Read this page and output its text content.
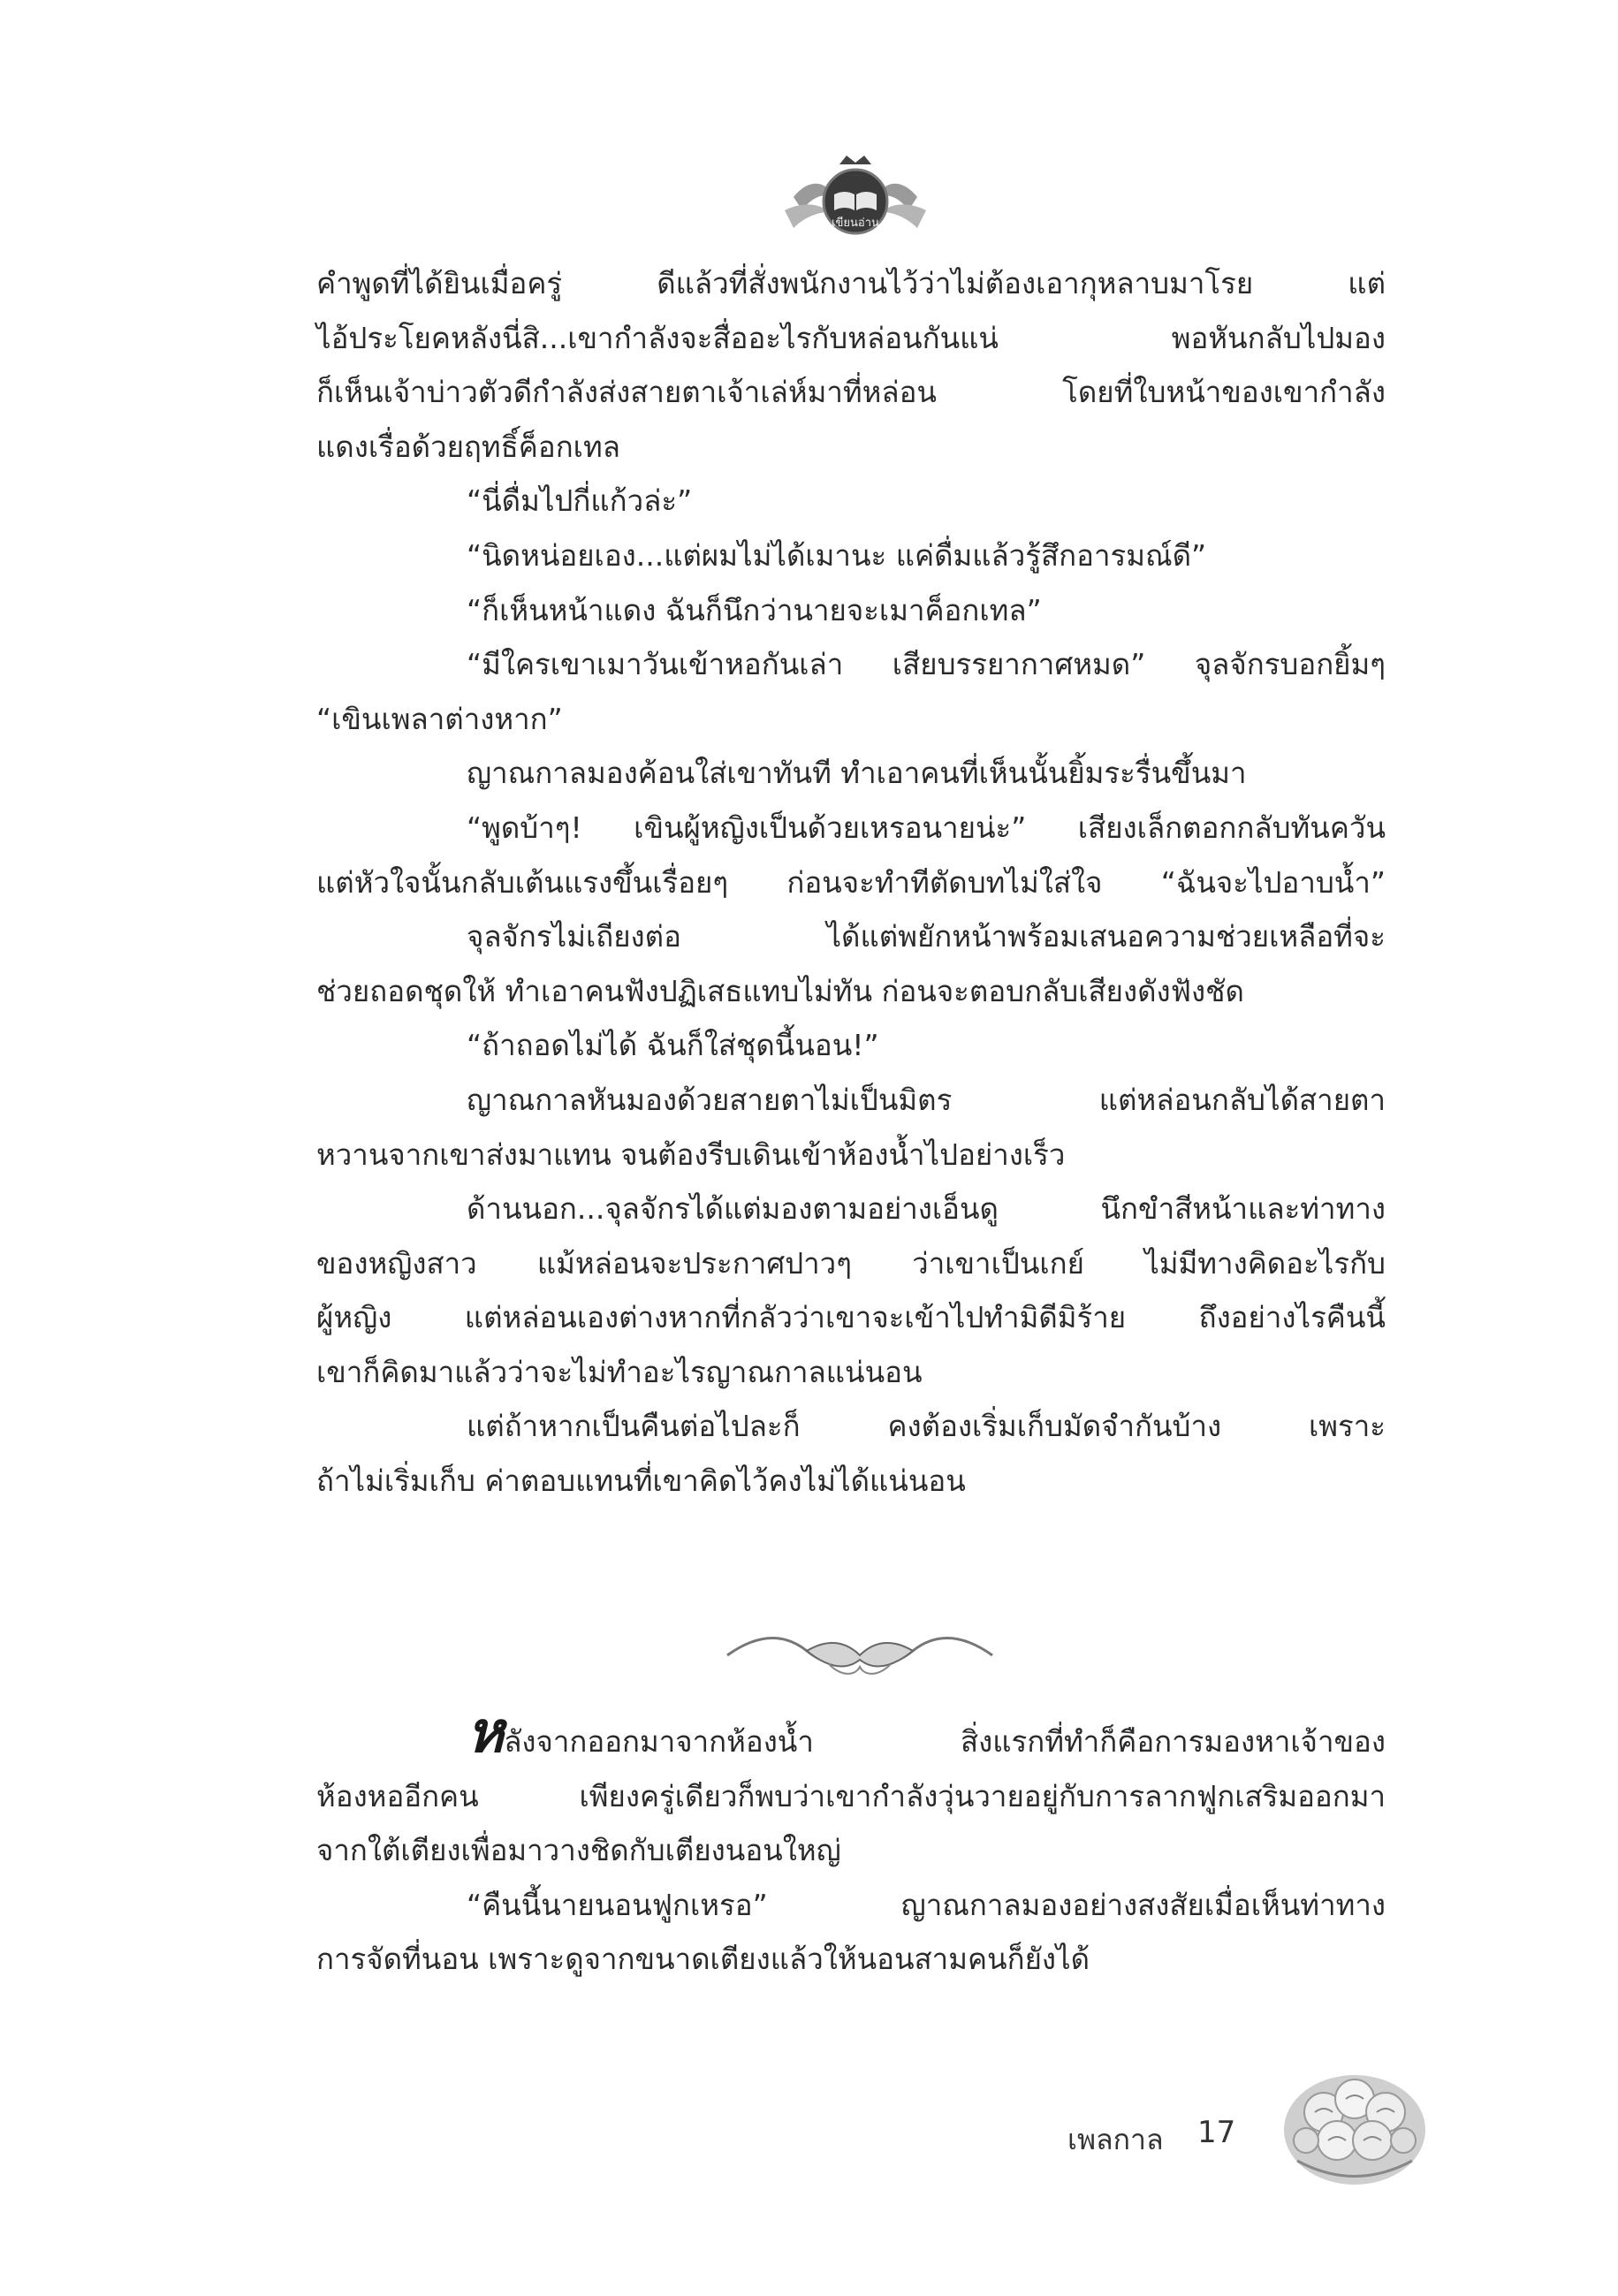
เขียนอ่าน

คำพูดที่ได้ยินเมื่อครู่ ดีแล้วที่สั่งพนักงานไว้ว่าไม่ต้องเอากุหลาบมาโรย แต่

ไอ้ประโยคหลังนี่สิ...เขากำลังจะสื่ออะไรกับหล่อนกันแน่ พอหันกลับไปมอง

ก็เห็นเจ้าบ่าวตัวดีกำลังส่งสายตาเจ้าเล่ห์มาที่หล่อน โดยที่ใบหน้าของเขากำลัง

แดงเรื่อด้วยฤทธิ์ค็อกเทล

“นี่ดื่มไปกี่แก้วล่ะ”

“นิดหน่อยเอง...แต่ผมไม่ได้เมานะ แค่ดื่มแล้วรู้สึกอารมณ์ดี”

“ก็เห็นหน้าแดง ฉันก็นึกว่านายจะเมาค็อกเทล”

“มีใครเขาเมาวันเข้าหอกันเล่า เสียบรรยากาศหมด” จุลจักรบอกยิ้มๆ

“เขินเพลาต่างหาก”

ญาณกาลมองค้อนใส่เขาทันที ทำเอาคนที่เห็นนั้นยิ้มระรื่นขึ้นมา

“พูดบ้าๆ! เขินผู้หญิงเป็นด้วยเหรอนายน่ะ” เสียงเล็กตอกกลับทันควัน

แต่หัวใจนั้นกลับเต้นแรงขึ้นเรื่อยๆ ก่อนจะทำทีตัดบทไม่ใส่ใจ “ฉันจะไปอาบน้ำ”

จุลจักรไม่เถียงต่อ ได้แต่พยักหน้าพร้อมเสนอความช่วยเหลือที่จะ

ช่วยถอดชุดให้ ทำเอาคนฟังปฏิเสธแทบไม่ทัน ก่อนจะตอบกลับเสียงดังฟังชัด

“ถ้าถอดไม่ได้ ฉันก็ใส่ชุดนี้นอน!”

ญาณกาลหันมองด้วยสายตาไม่เป็นมิตร แต่หล่อนกลับได้สายตา

หวานจากเขาส่งมาแทน จนต้องรีบเดินเข้าห้องน้ำไปอย่างเร็ว

ด้านนอก...จุลจักรได้แต่มองตามอย่างเอ็นดู นึกขำสีหน้าและท่าทาง

ของหญิงสาว แม้หล่อนจะประกาศปาวๆ ว่าเขาเป็นเกย์ ไม่มีทางคิดอะไรกับ

ผู้หญิง แต่หล่อนเองต่างหากที่กลัวว่าเขาจะเข้าไปทำมิดีมิร้าย ถึงอย่างไรคืนนี้

เขาก็คิดมาแล้วว่าจะไม่ทำอะไรญาณกาลแน่นอน

แต่ถ้าหากเป็นคืนต่อไปละก็ คงต้องเริ่มเก็บมัดจำกันบ้าง เพราะ

ถ้าไม่เริ่มเก็บ ค่าตอบแทนที่เขาคิดไว้คงไม่ได้แน่นอน

หลังจากออกมาจากห้องน้ำ สิ่งแรกที่ทำก็คือการมองหาเจ้าของ

ห้องหออีกคน เพียงครู่เดียวก็พบว่าเขากำลังวุ่นวายอยู่กับการลากฟูกเสริมออกมา

จากใต้เตียงเพื่อมาวางชิดกับเตียงนอนใหญ่

“คืนนี้นายนอนฟูกเหรอ” ญาณกาลมองอย่างสงสัยเมื่อเห็นท่าทาง

การจัดที่นอน เพราะดูจากขนาดเตียงแล้วให้นอนสามคนก็ยังได้

เพลกาล 17
